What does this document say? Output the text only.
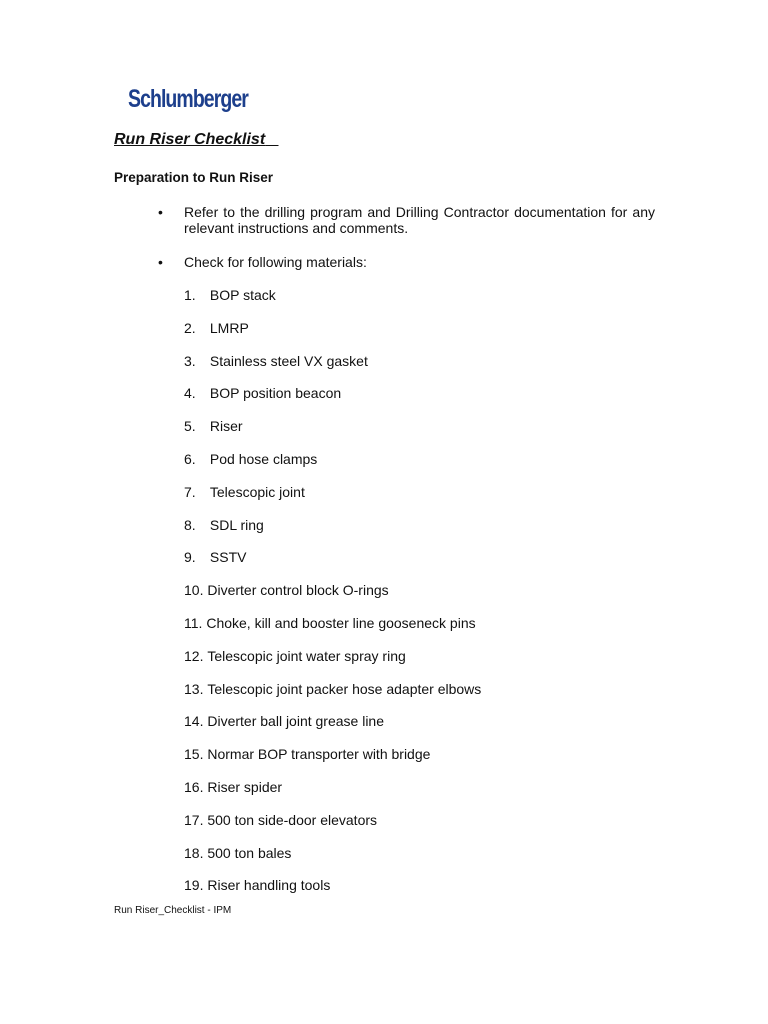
Schlumberger
Run Riser Checklist
Preparation to Run Riser
• Refer to the drilling program and Drilling Contractor documentation for any relevant instructions and comments.
• Check for following materials:
1.
	BOP stack
2.
	LMRP
3.
	Stainless steel VX gasket
4.
	BOP position beacon
5.
	Riser
6.
	Pod hose clamps
7.
	Telescopic joint
8.
	SDL ring
9.
	SSTV
10.
Diverter control block O-rings
11.
Choke, kill and booster line gooseneck pins
12.
Telescopic joint water spray ring
13.
Telescopic joint packer hose adapter elbows
14.
Diverter ball joint grease line
15.
Normar BOP transporter with bridge
16.
Riser spider
17.
500 ton side-door elevators
18.
500 ton bales
19.
Riser handling tools
Run Riser_Checklist - IPM
